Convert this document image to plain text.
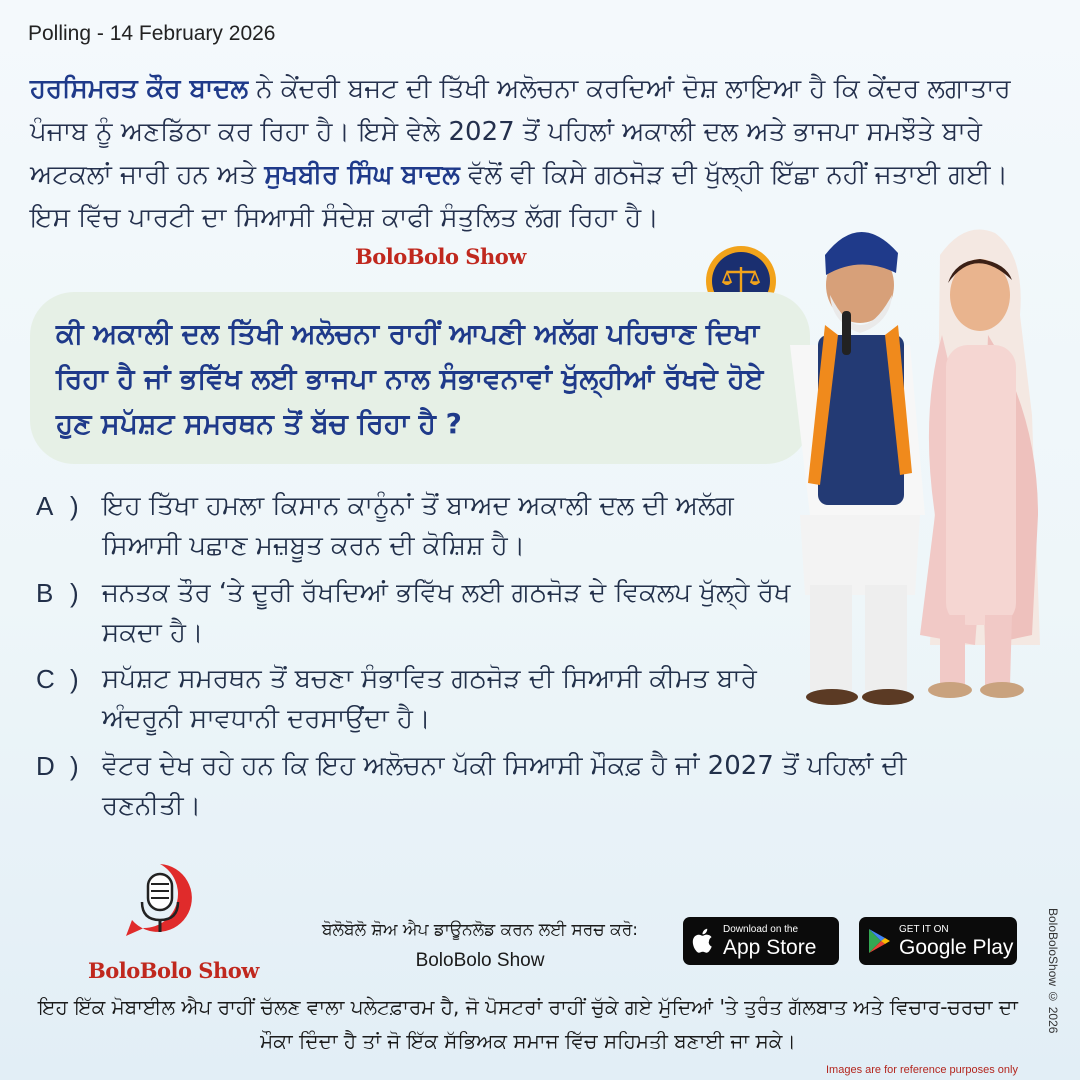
Polling - 14 February 2026

ਹਰਸਿਮਰਤ ਕੌਰ ਬਾਦਲ ਨੇ ਕੇਂਦਰੀ ਬਜਟ ਦੀ ਤਿੱਖੀ ਅਲੋਚਨਾ ਕਰਦਿਆਂ ਦੋਸ਼ ਲਾਇਆ ਹੈ ਕਿ ਕੇਂਦਰ ਲਗਾਤਾਰ ਪੰਜਾਬ ਨੂੰ ਅਣਡਿੱਠਾ ਕਰ ਰਿਹਾ ਹੈ। ਇਸੇ ਵੇਲੇ 2027 ਤੋਂ ਪਹਿਲਾਂ ਅਕਾਲੀ ਦਲ ਅਤੇ ਭਾਜਪਾ ਸਮਝੌਤੇ ਬਾਰੇ ਅਟਕਲਾਂ ਜਾਰੀ ਹਨ ਅਤੇ ਸੁਖਬੀਰ ਸਿੰਘ ਬਾਦਲ ਵੱਲੋਂ ਵੀ ਕਿਸੇ ਗਠਜੋੜ ਦੀ ਖੁੱਲ੍ਹੀ ਇੱਛਾ ਨਹੀਂ ਜਤਾਈ ਗਈ। ਇਸ ਵਿੱਚ ਪਾਰਟੀ ਦਾ ਸਿਆਸੀ ਸੰਦੇਸ਼ ਕਾਫੀ ਸੰਤੁਲਿਤ ਲੱਗ ਰਿਹਾ ਹੈ।

BoloBolo Show

ਕੀ ਅਕਾਲੀ ਦਲ ਤਿੱਖੀ ਅਲੋਚਨਾ ਰਾਹੀਂ ਆਪਣੀ ਅਲੱਗ ਪਹਿਚਾਣ ਦਿਖਾ ਰਿਹਾ ਹੈ ਜਾਂ ਭਵਿੱਖ ਲਈ ਭਾਜਪਾ ਨਾਲ ਸੰਭਾਵਨਾਵਾਂ ਖੁੱਲ੍ਹੀਆਂ ਰੱਖਦੇ ਹੋਏ ਹੁਣ ਸਪੱਸ਼ਟ ਸਮਰਥਨ ਤੋਂ ਬੱਚ ਰਿਹਾ ਹੈ ?

A ) ਇਹ ਤਿੱਖਾ ਹਮਲਾ ਕਿਸਾਨ ਕਾਨੂੰਨਾਂ ਤੋਂ ਬਾਅਦ ਅਕਾਲੀ ਦਲ ਦੀ ਅਲੱਗ ਸਿਆਸੀ ਪਛਾਣ ਮਜ਼ਬੂਤ ਕਰਨ ਦੀ ਕੋਸ਼ਿਸ਼ ਹੈ।
B ) ਜਨਤਕ ਤੌਰ ‘ਤੇ ਦੂਰੀ ਰੱਖਦਿਆਂ ਭਵਿੱਖ ਲਈ ਗਠਜੋੜ ਦੇ ਵਿਕਲਪ ਖੁੱਲ੍ਹੇ ਰੱਖ ਸਕਦਾ ਹੈ।
C ) ਸਪੱਸ਼ਟ ਸਮਰਥਨ ਤੋਂ ਬਚਣਾ ਸੰਭਾਵਿਤ ਗਠਜੋੜ ਦੀ ਸਿਆਸੀ ਕੀਮਤ ਬਾਰੇ ਅੰਦਰੂਨੀ ਸਾਵਧਾਨੀ ਦਰਸਾਉਂਦਾ ਹੈ।
D ) ਵੋਟਰ ਦੇਖ ਰਹੇ ਹਨ ਕਿ ਇਹ ਅਲੋਚਨਾ ਪੱਕੀ ਸਿਆਸੀ ਮੌਕਫ਼ ਹੈ ਜਾਂ 2027 ਤੋਂ ਪਹਿਲਾਂ ਦੀ ਰਣਨੀਤੀ।
BoloBolo Show
ਬੋਲੋਬੋਲੋ ਸ਼ੋਅ ਐਪ ਡਾਊਨਲੋਡ ਕਰਨ ਲਈ ਸਰਚ ਕਰੋ:
BoloBolo Show
Download on the
App Store
GET IT ON
Google Play

ਇਹ ਇੱਕ ਮੋਬਾਈਲ ਐਪ ਰਾਹੀਂ ਚੱਲਣ ਵਾਲਾ ਪਲੇਟਫ਼ਾਰਮ ਹੈ, ਜੋ ਪੋਸਟਰਾਂ ਰਾਹੀਂ ਚੁੱਕੇ ਗਏ ਮੁੱਦਿਆਂ 'ਤੇ ਤੁਰੰਤ ਗੱਲਬਾਤ ਅਤੇ ਵਿਚਾਰ-ਚਰਚਾ ਦਾ ਮੌਕਾ ਦਿੰਦਾ ਹੈ ਤਾਂ ਜੋ ਇੱਕ ਸੱਭਿਅਕ ਸਮਾਜ ਵਿੱਚ ਸਹਿਮਤੀ ਬਣਾਈ ਜਾ ਸਕੇ।

BoloBoloShow © 2026
Images are for reference purposes only
